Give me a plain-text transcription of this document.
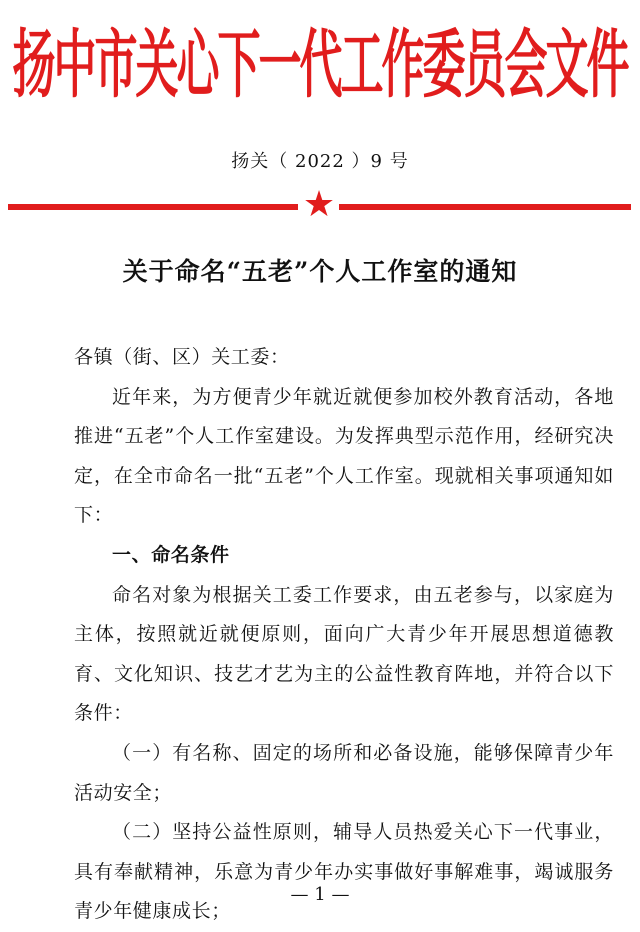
扬中市关心下一代工作委员会文件
扬关（ 2022 ）9 号
★
关于命名“五老”个人工作室的通知

各镇（街、区）关工委：

近年来，为方便青少年就近就便参加校外教育活动，各地推进“五老”个人工作室建设。为发挥典型示范作用，经研究决定，在全市命名一批“五老”个人工作室。现就相关事项通知如下：

一、命名条件

命名对象为根据关工委工作要求，由五老参与，以家庭为主体，按照就近就便原则，面向广大青少年开展思想道德教育、文化知识、技艺才艺为主的公益性教育阵地，并符合以下条件：

（一）有名称、固定的场所和必备设施，能够保障青少年活动安全；

（二）坚持公益性原则，辅导人员热爱关心下一代事业，具有奉献精神，乐意为青少年办实事做好事解难事，竭诚服务青少年健康成长；

— 1 —
